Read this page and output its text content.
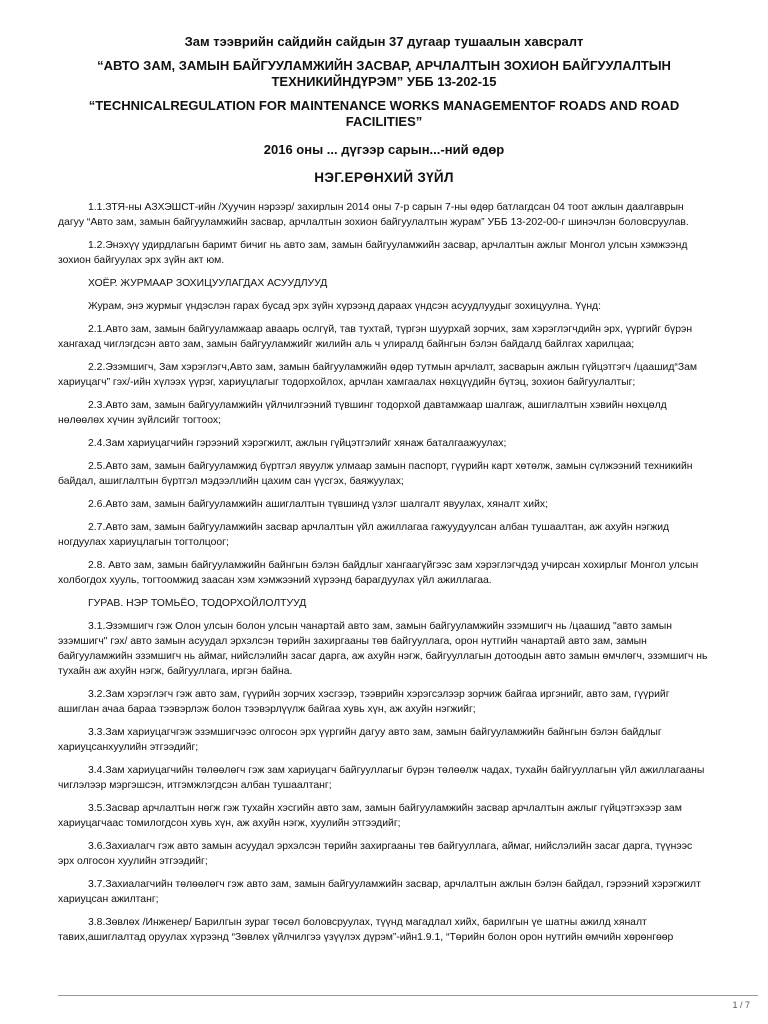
Зам тээврийн сайдийн сайдын 37 дугаар тушаалын хавсралт

“АВТО ЗАМ, ЗАМЫН БАЙГУУЛАМЖИЙН ЗАСВАР, АРЧЛАЛТЫН ЗОХИОН БАЙГУУЛАЛТЫН ТЕХНИКИЙНДҮРЭМ” УББ 13-202-15

“TECHNICALREGULATION FOR MAINTENANCE WORKS MANAGEMENTOF ROADS AND ROAD FACILITIES”

2016 оны ... дүгээр сарын...-ний өдөр

НЭГ.ЕРӨНХИЙ ЗҮЙЛ

1.1.ЗТЯ-ны АЗХЭШСТ-ийн /Хуучин нэрээр/ захирлын 2014 оны 7-р сарын 7-ны өдөр батлагдсан 04 тоот ажлын даалгаврын дагуу “Авто зам, замын байгууламжийн засвар, арчлалтын зохион байгуулалтын журам” УББ 13-202-00-г шинэчлэн боловсруулав.

1.2.Энэхүү удирдлагын баримт бичиг нь авто зам, замын байгууламжийн засвар, арчлалтын ажлыг Монгол улсын хэмжээнд зохион байгуулах эрх зүйн акт юм.

ХОЁР. ЖУРМААР ЗОХИЦУУЛАГДАХ АСУУДЛУУД

Журам, энэ журмыг үндэслэн гарах бусад эрх зүйн хүрээнд дараах үндсэн асуудлуудыг зохицуулна. Үүнд:

2.1.Авто зам, замын байгууламжаар аваарь ослгүй, тав тухтай, түргэн шуурхай зорчих, зам хэрэглэгчдийн эрх, үүргийг бүрэн хангахад чиглэгдсэн авто зам, замын байгууламжийг жилийн аль ч улиралд байнгын бэлэн байдалд байлгах харилцаа;

2.2.Эзэмшигч, Зам хэрэглэгч,Авто зам, замын байгууламжийн өдөр тутмын арчлалт, засварын ажлын гүйцэтгэгч /цаашид“Зам хариуцагч” гэх/-ийн хүлээх үүрэг, хариуцлагыг тодорхойлох, арчлан хамгаалах нөхцүүдийн бүтэц, зохион байгуулалтыг;

2.3.Авто зам, замын байгууламжийн үйлчилгээний түвшинг тодорхой давтамжаар шалгаж, ашиглалтын хэвийн нөхцөлд нөлөөлөх хүчин зүйлсийг тогтоох;

2.4.Зам хариуцагчийн гэрээний хэрэгжилт, ажлын гүйцэтгэлийг хянаж баталгаажуулах;

2.5.Авто зам, замын байгууламжид бүртгэл явуулж улмаар замын паспорт, гүүрийн карт хөтөлж, замын сүлжээний техникийн байдал, ашиглалтын бүртгэл мэдээллийн цахим сан үүсгэх, баяжуулах;

2.6.Авто зам, замын байгууламжийн ашиглалтын түвшинд үзлэг шалгалт явуулах, хяналт хийх;

2.7.Авто зам, замын байгууламжийн засвар арчлалтын үйл ажиллагаа гажуудуулсан албан тушаалтан, аж ахуйн нэгжид ногдуулах хариуцлагын тогтолцоог;

2.8. Авто зам, замын байгууламжийн байнгын бэлэн байдлыг хангаагүйгээс зам хэрэглэгчдэд учирсан хохирлыг Монгол улсын холбогдох хууль, тогтоомжид заасан хэм хэмжээний хүрээнд барагдуулах үйл ажиллагаа.

ГУРАВ. НЭР ТОМЬЁО, ТОДОРХОЙЛОЛТУУД

3.1.Эзэмшигч гэж Олон улсын болон улсын чанартай авто зам, замын байгууламжийн эзэмшигч нь /цаашид "авто замын эзэмшигч" гэх/ авто замын асуудал эрхэлсэн төрийн захиргааны төв байгууллага, орон нутгийн чанартай авто зам, замын байгууламжийн эзэмшигч нь аймаг, нийслэлийн засаг дарга, аж ахуйн нэгж, байгууллагын дотоодын авто замын өмчлөгч, эзэмшигч нь тухайн аж ахуйн нэгж, байгууллага, иргэн байна.

3.2.Зам хэрэглэгч гэж авто зам, гүүрийн зорчих хэсгээр, тээврийн хэрэгсэлээр зорчиж байгаа иргэнийг, авто зам, гүүрийг ашиглан ачаа бараа тээвэрлэж болон тээвэрлүүлж байгаа хувь хүн, аж ахуйн нэгжийг;

3.3.Зам хариуцагчгэж эзэмшигчээс олгосон эрх үүргийн дагуу авто зам, замын байгууламжийн байнгын бэлэн байдлыг хариуцсанхуулийн этгээдийг;

3.4.Зам хариуцагчийн төлөөлөгч гэж зам хариуцагч байгууллагыг бүрэн төлөөлж чадах, тухайн байгууллагын үйл ажиллагааны чиглэлээр мэргэшсэн, итгэмжлэгдсэн албан тушаалтанг;

3.5.Засвар арчлалтын нөгж гэж тухайн хэсгийн авто зам, замын байгууламжийн засвар арчлалтын ажлыг гүйцэтгэхээр зам хариуцагчаас томилогдсон хувь хүн, аж ахуйн нэгж, хуулийн этгээдийг;

3.6.Захиалагч гэж авто замын асуудал эрхэлсэн төрийн захиргааны төв байгууллага, аймаг, нийслэлийн засаг дарга, түүнээс эрх олгосон хуулийн этгээдийг;

3.7.Захиалагчийн төлөөлөгч гэж авто зам, замын байгууламжийн засвар, арчлалтын ажлын бэлэн байдал, гэрээний хэрэгжилт хариуцсан ажилтанг;

3.8.Зөвлөх /Инженер/ Барилгын зураг төсөл боловсруулах, түүнд магадлал хийх, барилгын үе шатны ажилд хяналт тавих,ашиглалтад оруулах хүрээнд “Зөвлөх үйлчилгээ үзүүлэх дүрэм”-ийн1.9.1, “Төрийн болон орон нутгийн өмчийн хөрөнгөөр

1 / 7
